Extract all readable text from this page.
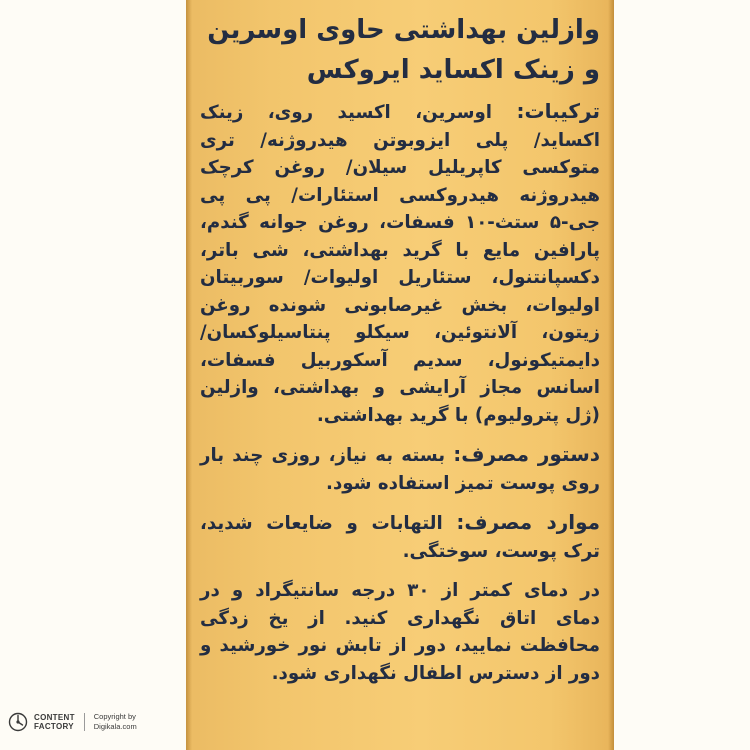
وازلین بهداشتی حاوی اوسرین
و زینک اکساید ایروکس

ترکیبات: اوسرین، اکسید روی، زینک اکساید/ پلی ایزوبوتن هیدروژنه/ تری متوکسی کاپریلیل سیلان/ روغن کرچک هیدروژنه هیدروکسی استئارات/ پی پی جی-۵ ستث-۱۰ فسفات، روغن جوانه گندم، پارافین مایع با گرید بهداشتی، شی باتر، دکسپانتنول، ستئاریل اولیوات/ سوربیتان اولیوات، بخش غیرصابونی شونده روغن زیتون، آلانتوئین، سیکلو پنتاسیلوکسان/ دایمتیکونول، سدیم آسکوربیل فسفات، اسانس مجاز آرایشی و بهداشتی، وازلین (ژل پترولیوم) با گرید بهداشتی.

دستور مصرف: بسته به نیاز، روزی چند بار روی پوست تمیز استفاده شود.

موارد مصرف: التهابات و ضایعات شدید، ترک پوست، سوختگی.

در دمای کمتر از ۳۰ درجه سانتیگراد و در دمای اتاق نگهداری کنید. از یخ زدگی محافظت نمایید، دور از تابش نور خورشید و دور از دسترس اطفال نگهداری شود.

CONTENT
FACTORY
Copyright by
Digikala.com
